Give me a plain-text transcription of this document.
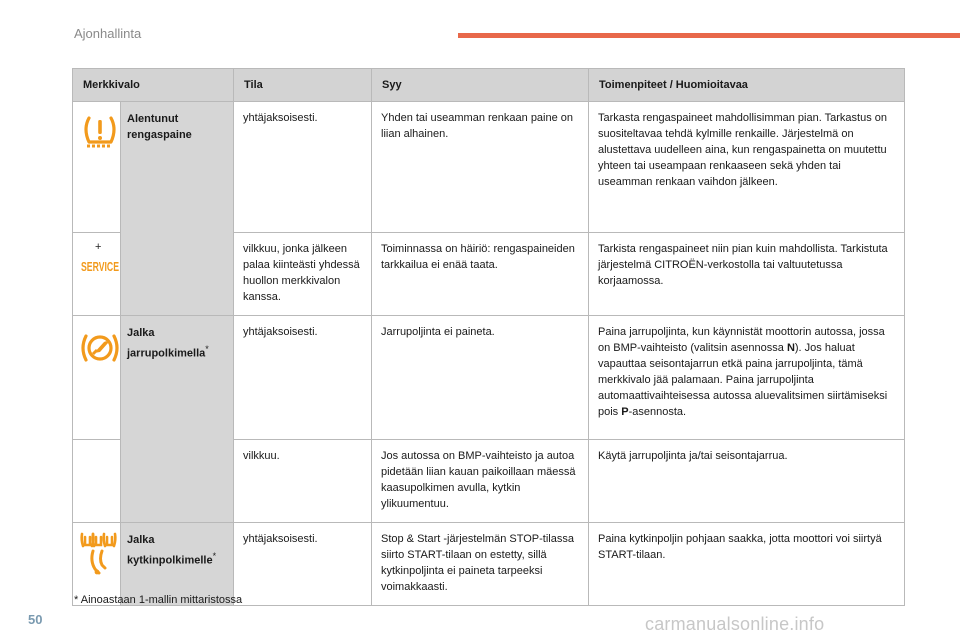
Ajonhallinta
Merkkivalo		Tila	Syy	Toimenpiteet / Huomioitavaa

	Alentunut rengaspaine	yhtäjaksoisesti.	Yhden tai useamman renkaan paine on liian alhainen.	Tarkasta rengaspaineet mahdollisimman pian. Tarkastus on suositeltavaa tehdä kylmille renkaille. Järjestelmä on alustettava uudelleen aina, kun rengaspainetta on muutettu yhteen tai useampaan renkaaseen sekä yhden tai useamman renkaan vaihdon jälkeen.

+
SERVICE		vilkkuu, jonka jälkeen palaa kiinteästi yhdessä huollon merkkivalon kanssa.	Toiminnassa on häiriö: rengaspaineiden tarkkailua ei enää taata.	Tarkista rengaspaineet niin pian kuin mahdollista. Tarkistuta järjestelmä CITROËN-verkostolla tai valtuutetussa korjaamossa.

	Jalka jarrupolkimella*	yhtäjaksoisesti.	Jarrupoljinta ei paineta.	Paina jarrupoljinta, kun käynnistät moottorin autossa, jossa on BMP-vaihteisto (valitsin asennossa N). Jos haluat vapauttaa seisontajarrun etkä paina jarrupoljinta, tämä merkkivalo jää palamaan. Paina jarrupoljinta automaattivaihteisessa autossa aluevalitsimen siirtämiseksi pois P-asennosta.
		vilkkuu.	Jos autossa on BMP-vaihteisto ja autoa pidetään liian kauan paikoillaan mäessä kaasupolkimen avulla, kytkin ylikuumentuu.	Käytä jarrupoljinta ja/tai seisontajarrua.

	Jalka kytkinpolkimelle*	yhtäjaksoisesti.	Stop & Start -järjestelmän STOP-tilassa siirto START-tilaan on estetty, sillä kytkinpoljinta ei paineta tarpeeksi voimakkaasti.	Paina kytkinpoljin pohjaan saakka, jotta moottori voi siirtyä START-tilaan.
* Ainoastaan 1-mallin mittaristossa
50	carmanualsonline.info
